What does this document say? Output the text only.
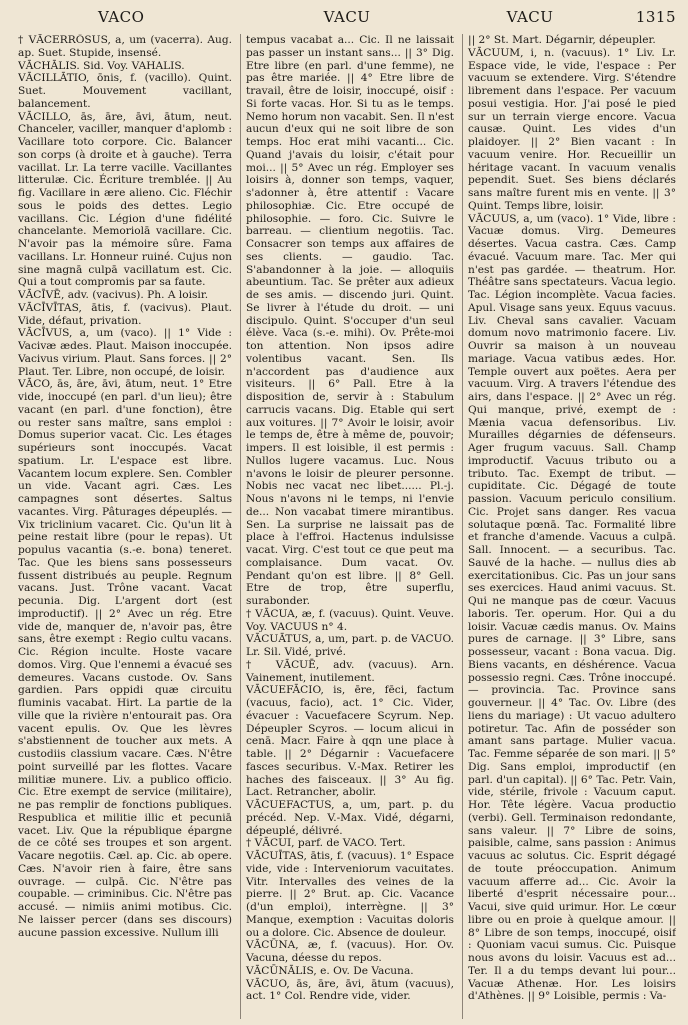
VACO	VACU	VACU	1315

† VĀCERRŌSUS, a, um (vacerra). Aug. ap. Suet. Stupide, insensé.

VĀCHĀLIS. Sid. Voy. VAHALIS.

VĀCILLĀTIO, ōnis, f. (vacillo). Quint. Suet. Mouvement vacillant, balancement.

VĀCILLO, ās, āre, āvi, ātum, neut. Chanceler, vaciller, manquer d'aplomb : Vacillare toto corpore. Cic. Balancer son corps (à droite et à gauche). Terra vacillat. Lr. La terre vacille. Vacillantes litterulæ. Cic. Écriture tremblée. || Au fig. Vacillare in ære alieno. Cic. Fléchir sous le poids des dettes. Legio vacillans. Cic. Légion d'une fidélité chancelante. Memoriolā vacillare. Cic. N'avoir pas la mémoire sûre. Fama vacillans. Lr. Honneur ruiné. Cujus non sine magnā culpā vacillatum est. Cic. Qui a tout compromis par sa faute.

VĀCĪVĒ, adv. (vacivus). Ph. A loisir.

VĀCĪVĪTAS, ātis, f. (vacivus). Plaut. Vide, défaut, privation.

VĀCĪVUS, a, um (vaco). || 1° Vide : Vacivæ ædes. Plaut. Maison inoccupée. Vacivus virium. Plaut. Sans forces. || 2° Plaut. Ter. Libre, non occupé, de loisir.

VĀCO, ās, āre, āvi, ātum, neut. 1° Etre vide, inoccupé (en parl. d'un lieu); être vacant (en parl. d'une fonction), être ou rester sans maître, sans emploi : Domus superior vacat. Cic. Les étages supérieurs sont inoccupés. Vacat spatium. Lr. L'espace est libre. Vacantem locum explere. Sen. Combler un vide. Vacant agri. Cæs. Les campagnes sont désertes. Saltus vacantes. Virg. Pâturages dépeuplés. — Vix triclinium vacaret. Cic. Qu'un lit à peine restait libre (pour le repas). Ut populus vacantia (s.-e. bona) teneret. Tac. Que les biens sans possesseurs fussent distribués au peuple. Regnum vacans. Just. Trône vacant. Vacat pecunia. Dig. L'argent dort (est improductif). || 2° Avec un rég. Etre vide de, manquer de, n'avoir pas, être sans, être exempt : Regio cultu vacans. Cic. Région inculte. Hoste vacare domos. Virg. Que l'ennemi a évacué ses demeures. Vacans custode. Ov. Sans gardien. Pars oppidi quæ circuitu fluminis vacabat. Hirt. La partie de la ville que la rivière n'entourait pas. Ora vacent epulis. Ov. Que les lèvres s'abstiennent de toucher aux mets. A custodiis classium vacare. Cæs. N'être point surveillé par les flottes. Vacare militiæ munere. Liv. a publico officio. Cic. Etre exempt de service (militaire), ne pas remplir de fonctions publiques. Respublica et militie illic et pecuniā vacet. Liv. Que la république épargne de ce côté ses troupes et son argent. Vacare negotiis. Cæl. ap. Cic. ab opere. Cæs. N'avoir rien à faire, être sans ouvrage. — culpā. Cic. N'être pas coupable. — criminibus. Cic. N'être pas accusé. — nimiis animi motibus. Cic. Ne laisser percer (dans ses discours) aucune passion excessive. Nullum illi

tempus vacabat a... Cic. Il ne laissait pas passer un instant sans... || 3° Dig. Etre libre (en parl. d'une femme), ne pas être mariée. || 4° Etre libre de travail, être de loisir, inoccupé, oisif : Si forte vacas. Hor. Si tu as le temps. Nemo horum non vacabit. Sen. Il n'est aucun d'eux qui ne soit libre de son temps. Hoc erat mihi vacanti... Cic. Quand j'avais du loisir, c'était pour moi... || 5° Avec un rég. Employer ses loisirs à, donner son temps, vaquer, s'adonner à, être attentif : Vacare philosophiæ. Cic. Etre occupé de philosophie. — foro. Cic. Suivre le barreau. — clientium negotiis. Tac. Consacrer son temps aux affaires de ses clients. — gaudio. Tac. S'abandonner à la joie. — alloquiis abeuntium. Tac. Se prêter aux adieux de ses amis. — discendo juri. Quint. Se livrer à l'étude du droit. — uni discipulo. Quint. S'occuper d'un seul élève. Vaca (s.-e. mihi). Ov. Prête-moi ton attention. Non ipsos adire volentibus vacant. Sen. Ils n'accordent pas d'audience aux visiteurs. || 6° Pall. Etre à la disposition de, servir à : Stabulum carrucis vacans. Dig. Etable qui sert aux voitures. || 7° Avoir le loisir, avoir le temps de, être à même de, pouvoir; impers. Il est loisible, il est permis : Nullos lugere vacamus. Luc. Nous n'avons le loisir de pleurer personne. Nobis nec vacat nec libet...... Pl.-j. Nous n'avons ni le temps, ni l'envie de... Non vacabat timere mirantibus. Sen. La surprise ne laissait pas de place à l'effroi. Hactenus indulsisse vacat. Virg. C'est tout ce que peut ma complaisance. Dum vacat. Ov. Pendant qu'on est libre. || 8° Gell. Etre de trop, être superflu, surabonder.

† VĀCUA, æ, f. (vacuus). Quint. Veuve. Voy. VACUUS n° 4.

VĀCUĀTUS, a, um, part. p. de VACUO. Lr. Sil. Vidé, privé.

† VĀCUĒ, adv. (vacuus). Arn. Vainement, inutilement.

VĀCUEFĀCIO, is, ēre, fēci, factum (vacuus, facio), act. 1° Cic. Vider, évacuer : Vacuefacere Scyrum. Nep. Dépeupler Scyros. — locum alicui in cenā. Macr. Faire à qqn une place à table. || 2° Dégarnir : Vacuefacere fasces securibus. V.-Max. Retirer les haches des faisceaux. || 3° Au fig. Lact. Retrancher, abolir.

VĀCUEFACTUS, a, um, part. p. du précéd. Nep. V.-Max. Vidé, dégarni, dépeuplé, délivré.

† VĀCUI, parf. de VACO. Tert.

VĀCUĪTAS, ātis, f. (vacuus). 1° Espace vide, vide : Interveniorum vacuitates. Vitr. Intervalles des veines de la pierre. || 2° Brut. ap. Cic. Vacance (d'un emploi), interrègne. || 3° Manque, exemption : Vacuitas doloris ou a dolore. Cic. Absence de douleur.

VĀCŪNA, æ, f. (vacuus). Hor. Ov. Vacuna, déesse du repos.

VĀCŪNĀLIS, e. Ov. De Vacuna.

VĀCUO, ās, āre, āvi, ātum (vacuus), act. 1° Col. Rendre vide, vider.

|| 2° St. Mart. Dégarnir, dépeupler.

VĀCUUM, i, n. (vacuus). 1° Liv. Lr. Espace vide, le vide, l'espace : Per vacuum se extendere. Virg. S'étendre librement dans l'espace. Per vacuum posui vestigia. Hor. J'ai posé le pied sur un terrain vierge encore. Vacua causæ. Quint. Les vides d'un plaidoyer. || 2° Bien vacant : In vacuum venire. Hor. Recueillir un héritage vacant. In vacuum venalis pependit. Suet. Ses biens déclarés sans maître furent mis en vente. || 3° Quint. Temps libre, loisir.

VĀCUUS, a, um (vaco). 1° Vide, libre : Vacuæ domus. Virg. Demeures désertes. Vacua castra. Cæs. Camp évacué. Vacuum mare. Tac. Mer qui n'est pas gardée. — theatrum. Hor. Théâtre sans spectateurs. Vacua legio. Tac. Légion incomplète. Vacua facies. Apul. Visage sans yeux. Equus vacuus. Liv. Cheval sans cavalier. Vacuam domum novo matrimonio facere. Liv. Ouvrir sa maison à un nouveau mariage. Vacua vatibus ædes. Hor. Temple ouvert aux poëtes. Aera per vacuum. Virg. A travers l'étendue des airs, dans l'espace. || 2° Avec un rég. Qui manque, privé, exempt de : Mænia vacua defensoribus. Liv. Murailles dégarnies de défenseurs. Ager frugum vacuus. Sall. Champ improductif. Vacuus tributo ou a tributo. Tac. Exempt de tribut. — cupiditate. Cic. Dégagé de toute passion. Vacuum periculo consilium. Cic. Projet sans danger. Res vacua solutaque pœnā. Tac. Formalité libre et franche d'amende. Vacuus a culpā. Sall. Innocent. — a securibus. Tac. Sauvé de la hache. — nullus dies ab exercitationibus. Cic. Pas un jour sans ses exercices. Haud animi vacuus. St. Qui ne manque pas de cœur. Vacuus laboris. Ter. operum. Hor. Qui a du loisir. Vacuæ cædis manus. Ov. Mains pures de carnage. || 3° Libre, sans possesseur, vacant : Bona vacua. Dig. Biens vacants, en déshérence. Vacua possessio regni. Cæs. Trône inoccupé. — provincia. Tac. Province sans gouverneur. || 4° Tac. Ov. Libre (des liens du mariage) : Ut vacuo adultero potiretur. Tac. Afin de posséder son amant sans partage. Mulier vacua. Tac. Femme séparée de son mari. || 5° Dig. Sans emploi, improductif (en parl. d'un capital). || 6° Tac. Petr. Vain, vide, stérile, frivole : Vacuum caput. Hor. Tête légère. Vacua productio (verbi). Gell. Terminaison redondante, sans valeur. || 7° Libre de soins, paisible, calme, sans passion : Animus vacuus ac solutus. Cic. Esprit dégagé de toute préoccupation. Animum vacuum afferre ad... Cic. Avoir la liberté d'esprit nécessaire pour... Vacui, sive quid urimur. Hor. Le cœur libre ou en proie à quelque amour. || 8° Libre de son temps, inoccupé, oisif : Quoniam vacui sumus. Cic. Puisque nous avons du loisir. Vacuus est ad... Ter. Il a du temps devant lui pour... Vacuæ Athenæ. Hor. Les loisirs d'Athènes. || 9° Loisible, permis : Va-
